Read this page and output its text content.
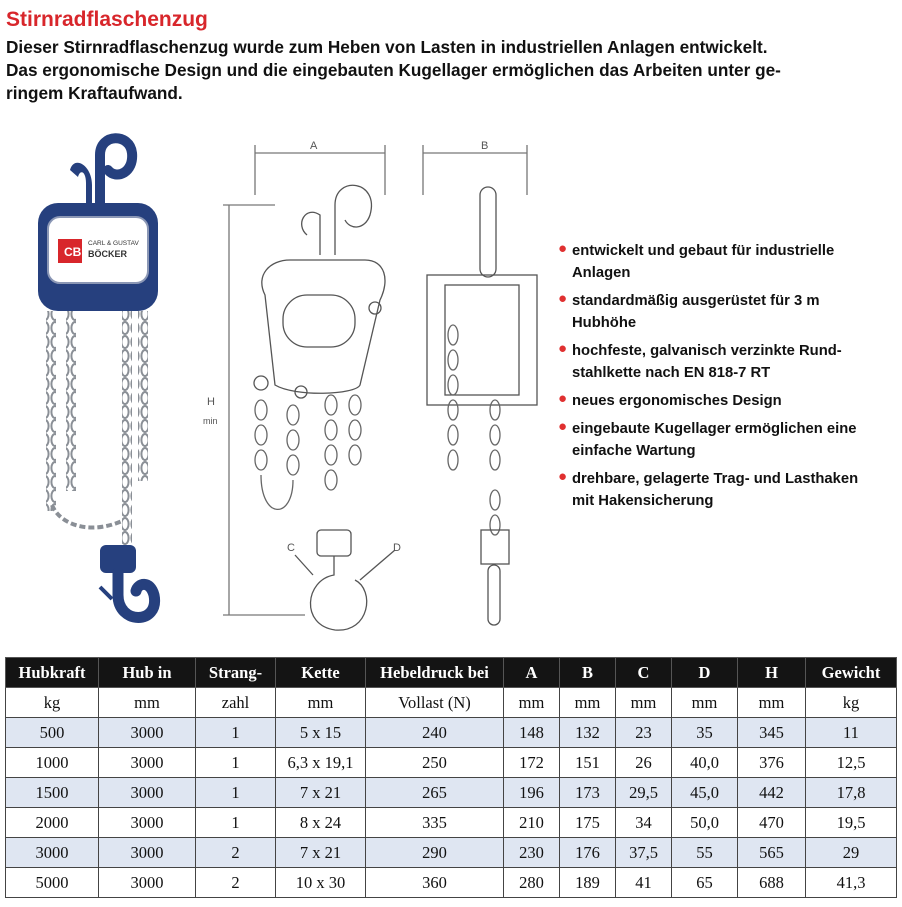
Stirnradflaschenzug
Dieser Stirnradflaschenzug wurde zum Heben von Lasten in industriellen Anlagen entwickelt.
Das ergonomische Design und die eingebauten Kugellager ermöglichen das Arbeiten unter ge-
ringem Kraftaufwand.
CB
CARL & GUSTAV
BÖCKER
A	B
H
min
C	D
● entwickelt und gebaut für industrielle
Anlagen
● standardmäßig ausgerüstet für 3 m
Hubhöhe
● hochfeste, galvanisch verzinkte Rund-
stahlkette nach EN 818-7 RT
● neues ergonomisches Design
● eingebaute Kugellager ermöglichen eine
einfache Wartung
● drehbare, gelagerte Trag- und Lasthaken
mit Hakensicherung
Hubkraft	Hub in	Strang-	Kette	Hebeldruck bei	A	B	C	D	H	Gewicht
kg	mm	zahl	mm	Vollast (N)	mm	mm	mm	mm	mm	kg
500	3000	1	5 x 15	240	148	132	23	35	345	11
1000	3000	1	6,3 x 19,1	250	172	151	26	40,0	376	12,5
1500	3000	1	7 x 21	265	196	173	29,5	45,0	442	17,8
2000	3000	1	8 x 24	335	210	175	34	50,0	470	19,5
3000	3000	2	7 x 21	290	230	176	37,5	55	565	29
5000	3000	2	10 x 30	360	280	189	41	65	688	41,3
